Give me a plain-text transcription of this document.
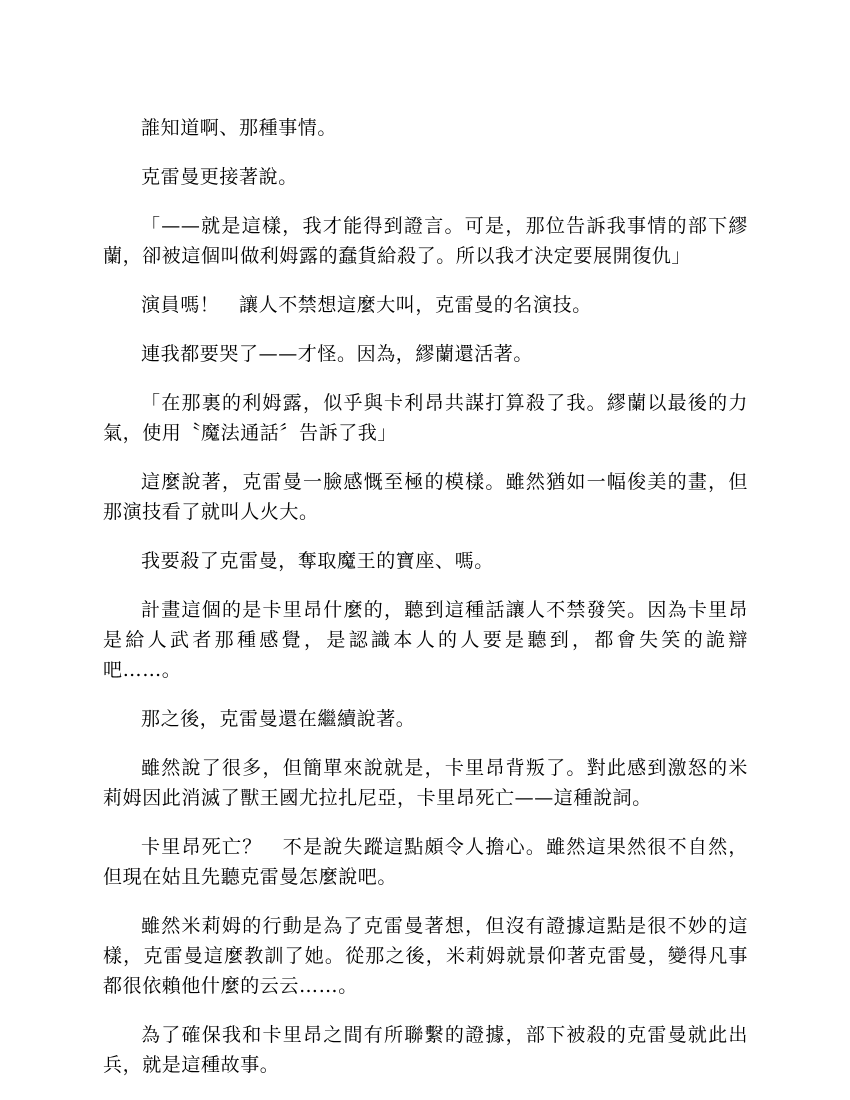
誰知道啊、那種事情。

克雷曼更接著說。

「——就是這樣，我才能得到證言。可是，那位告訴我事情的部下繆蘭，卻被這個叫做利姆露的蠢貨給殺了。所以我才決定要展開復仇」

演員嗎！　讓人不禁想這麼大叫，克雷曼的名演技。

連我都要哭了——才怪。因為，繆蘭還活著。

「在那裏的利姆露，似乎與卡利昂共謀打算殺了我。繆蘭以最後的力氣，使用〝魔法通話〞告訴了我」

這麼說著，克雷曼一臉感慨至極的模樣。雖然猶如一幅俊美的畫，但那演技看了就叫人火大。

我要殺了克雷曼，奪取魔王的寶座、嗎。

計畫這個的是卡里昂什麼的，聽到這種話讓人不禁發笑。因為卡里昂是給人武者那種感覺，是認識本人的人要是聽到，都會失笑的詭辯吧……。

那之後，克雷曼還在繼續說著。

雖然說了很多，但簡單來說就是，卡里昂背叛了。對此感到激怒的米莉姆因此消滅了獸王國尤拉扎尼亞，卡里昂死亡——這種說詞。

卡里昂死亡？　不是說失蹤這點頗令人擔心。雖然這果然很不自然，但現在姑且先聽克雷曼怎麼說吧。

雖然米莉姆的行動是為了克雷曼著想，但沒有證據這點是很不妙的這樣，克雷曼這麼教訓了她。從那之後，米莉姆就景仰著克雷曼，變得凡事都很依賴他什麼的云云……。

為了確保我和卡里昂之間有所聯繫的證據，部下被殺的克雷曼就此出兵，就是這種故事。
